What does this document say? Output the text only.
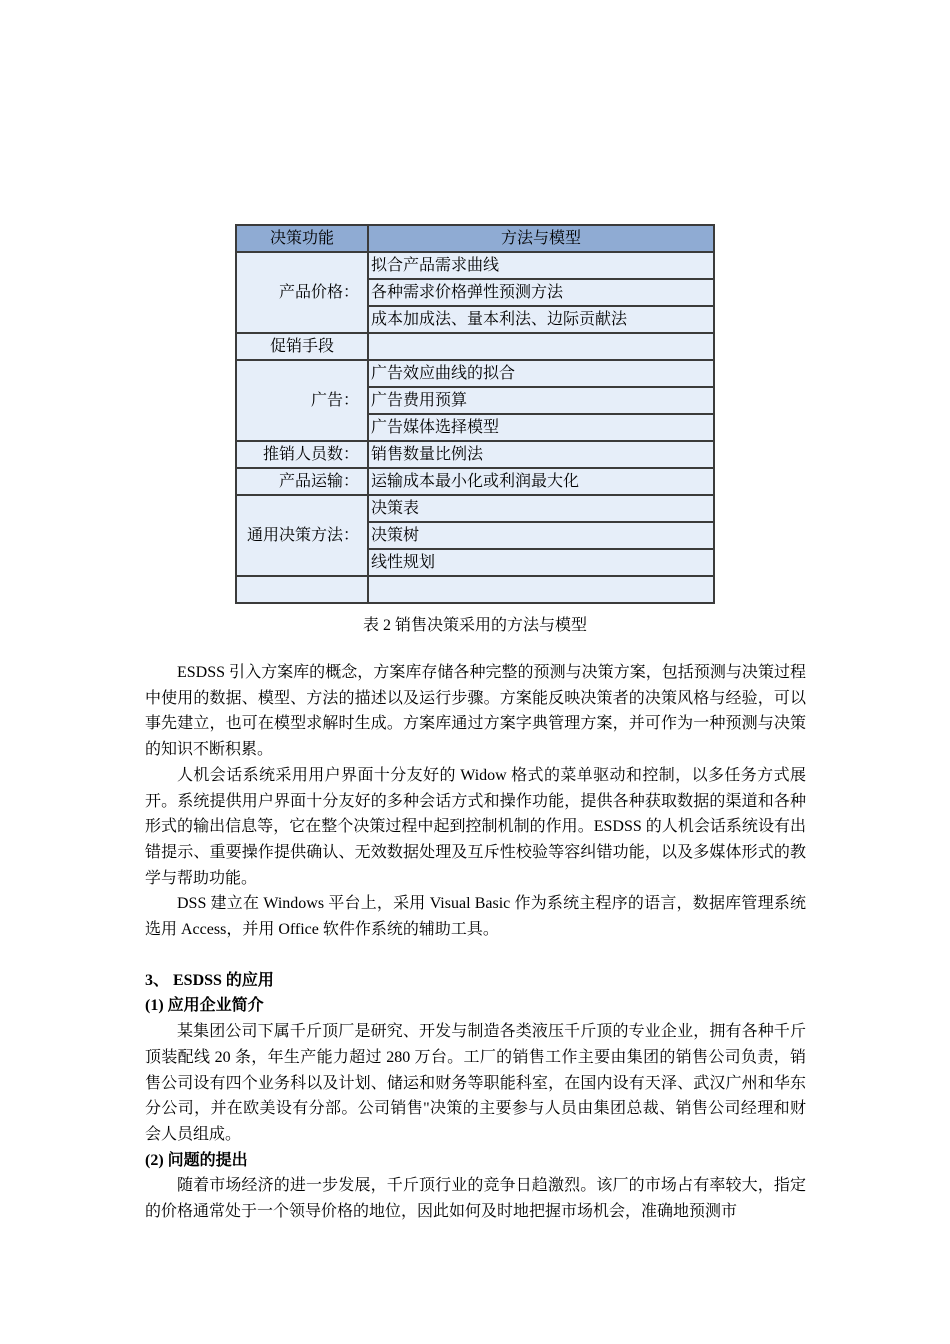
决策功能	方法与模型
产品价格：
拟合产品需求曲线
各种需求价格弹性预测方法
成本加成法、量本利法、边际贡献法
促销手段
广告：
广告效应曲线的拟合
广告费用预算
广告媒体选择模型
推销人员数： 销售数量比例法
产品运输： 运输成本最小化或利润最大化
通用决策方法：
决策表
决策树
线性规划
表 2 销售决策采用的方法与模型

ESDSS 引入方案库的概念，方案库存储各种完整的预测与决策方案，包括预测与决策过程中使用的数据、模型、方法的描述以及运行步骤。方案能反映决策者的决策风格与经验，可以事先建立，也可在模型求解时生成。方案库通过方案字典管理方案，并可作为一种预测与决策的知识不断积累。

人机会话系统采用用户界面十分友好的 Widow 格式的菜单驱动和控制，以多任务方式展开。系统提供用户界面十分友好的多种会话方式和操作功能，提供各种获取数据的渠道和各种形式的输出信息等，它在整个决策过程中起到控制机制的作用。ESDSS 的人机会话系统设有出错提示、重要操作提供确认、无效数据处理及互斥性校验等容纠错功能，以及多媒体形式的教学与帮助功能。

DSS 建立在 Windows 平台上，采用 Visual Basic 作为系统主程序的语言，数据库管理系统选用 Access，并用 Office 软件作系统的辅助工具。

3、 ESDSS 的应用

(1) 应用企业简介

某集团公司下属千斤顶厂是研究、开发与制造各类液压千斤顶的专业企业，拥有各种千斤顶装配线 20 条，年生产能力超过 280 万台。工厂的销售工作主要由集团的销售公司负责，销售公司设有四个业务科以及计划、储运和财务等职能科室，在国内设有天泽、武汉广州和华东分公司，并在欧美设有分部。公司销售"决策的主要参与人员由集团总裁、销售公司经理和财会人员组成。

(2) 问题的提出

随着市场经济的进一步发展，千斤顶行业的竞争日趋激烈。该厂的市场占有率较大，指定的价格通常处于一个领导价格的地位，因此如何及时地把握市场机会，准确地预测市
